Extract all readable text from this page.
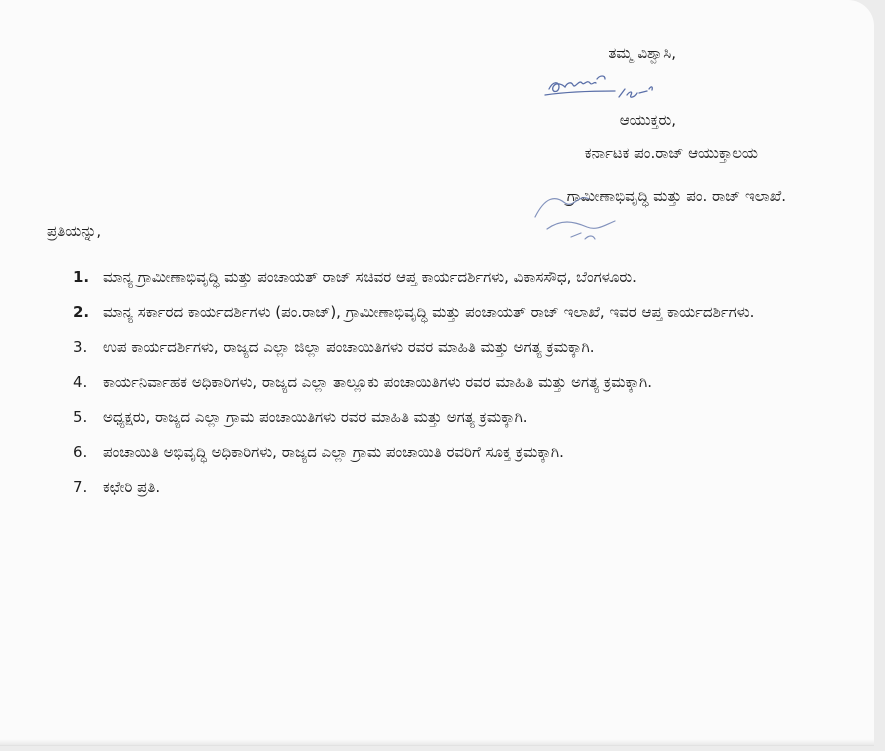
ತಮ್ಮ ವಿಶ್ವಾಸಿ,
ಆಯುಕ್ತರು,
ಕರ್ನಾಟಕ ಪಂ.ರಾಜ್ ಆಯುಕ್ತಾಲಯ
ಗ್ರಾಮೀಣಾಭಿವೃದ್ಧಿ ಮತ್ತು ಪಂ. ರಾಜ್ ಇಲಾಖೆ.
ಪ್ರತಿಯನ್ನು,
1. ಮಾನ್ಯ ಗ್ರಾಮೀಣಾಭಿವೃದ್ಧಿ ಮತ್ತು ಪಂಚಾಯತ್ ರಾಜ್ ಸಚಿವರ ಆಪ್ತ ಕಾರ್ಯದರ್ಶಿಗಳು, ವಿಕಾಸಸೌಧ, ಬೆಂಗಳೂರು.
2. ಮಾನ್ಯ ಸರ್ಕಾರದ ಕಾರ್ಯದರ್ಶಿಗಳು (ಪಂ.ರಾಜ್), ಗ್ರಾಮೀಣಾಭಿವೃದ್ಧಿ ಮತ್ತು ಪಂಚಾಯತ್ ರಾಜ್ ಇಲಾಖೆ, ಇವರ ಆಪ್ತ ಕಾರ್ಯದರ್ಶಿಗಳು.
3.	ಉಪ ಕಾರ್ಯದರ್ಶಿಗಳು, ರಾಜ್ಯದ ಎಲ್ಲಾ ಜಿಲ್ಲಾ ಪಂಚಾಯಿತಿಗಳು ರವರ ಮಾಹಿತಿ ಮತ್ತು ಅಗತ್ಯ ಕ್ರಮಕ್ಕಾಗಿ.
4.	ಕಾರ್ಯನಿರ್ವಾಹಕ ಅಧಿಕಾರಿಗಳು, ರಾಜ್ಯದ ಎಲ್ಲಾ ತಾಲ್ಲೂಕು ಪಂಚಾಯಿತಿಗಳು ರವರ ಮಾಹಿತಿ ಮತ್ತು ಅಗತ್ಯ ಕ್ರಮಕ್ಕಾಗಿ.
5.	ಅಧ್ಯಕ್ಷರು, ರಾಜ್ಯದ ಎಲ್ಲಾ ಗ್ರಾಮ ಪಂಚಾಯಿತಿಗಳು ರವರ ಮಾಹಿತಿ ಮತ್ತು ಅಗತ್ಯ ಕ್ರಮಕ್ಕಾಗಿ.
6.	ಪಂಚಾಯಿತಿ ಅಭಿವೃದ್ಧಿ ಅಧಿಕಾರಿಗಳು, ರಾಜ್ಯದ ಎಲ್ಲಾ ಗ್ರಾಮ ಪಂಚಾಯಿತಿ ರವರಿಗೆ ಸೂಕ್ತ ಕ್ರಮಕ್ಕಾಗಿ.
7.	ಕಛೇರಿ ಪ್ರತಿ.
